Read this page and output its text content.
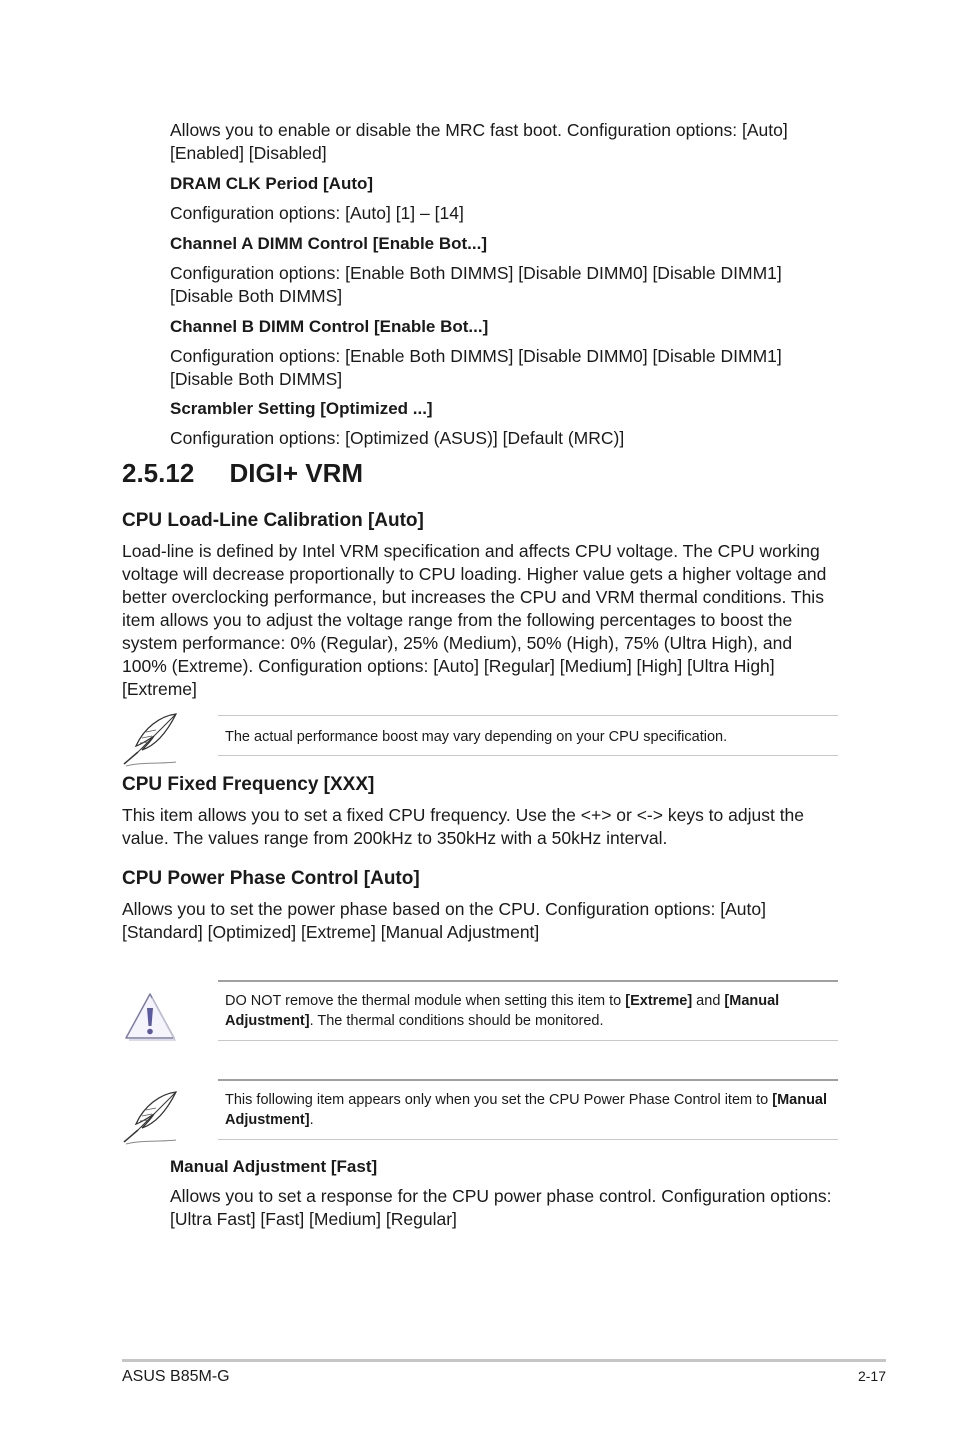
Allows you to enable or disable the MRC fast boot. Configuration options: [Auto] [Enabled] [Disabled]

DRAM CLK Period [Auto]

Configuration options: [Auto] [1] – [14]

Channel A DIMM Control [Enable Bot...]

Configuration options: [Enable Both DIMMS] [Disable DIMM0] [Disable DIMM1] [Disable Both DIMMS]

Channel B DIMM Control [Enable Bot...]

Configuration options: [Enable Both DIMMS] [Disable DIMM0] [Disable DIMM1] [Disable Both DIMMS]

Scrambler Setting [Optimized ...]

Configuration options: [Optimized (ASUS)] [Default (MRC)]

2.5.12 DIGI+ VRM

CPU Load-Line Calibration [Auto]

Load-line is defined by Intel VRM specification and affects CPU voltage. The CPU working voltage will decrease proportionally to CPU loading. Higher value gets a higher voltage and better overclocking performance, but increases the CPU and VRM thermal conditions. This item allows you to adjust the voltage range from the following percentages to boost the system performance: 0% (Regular), 25% (Medium), 50% (High), 75% (Ultra High), and 100% (Extreme). Configuration options: [Auto] [Regular] [Medium] [High] [Ultra High] [Extreme]

The actual performance boost may vary depending on your CPU specification.

CPU Fixed Frequency [XXX]

This item allows you to set a fixed CPU frequency. Use the <+> or <-> keys to adjust the value. The values range from 200kHz to 350kHz with a 50kHz interval.

CPU Power Phase Control [Auto]

Allows you to set the power phase based on the CPU. Configuration options: [Auto] [Standard] [Optimized] [Extreme] [Manual Adjustment]

DO NOT remove the thermal module when setting this item to [Extreme] and [Manual Adjustment]. The thermal conditions should be monitored.

This following item appears only when you set the CPU Power Phase Control item to [Manual Adjustment].

Manual Adjustment [Fast]

Allows you to set a response for the CPU power phase control. Configuration options: [Ultra Fast] [Fast] [Medium] [Regular]

ASUS B85M-G	2-17
